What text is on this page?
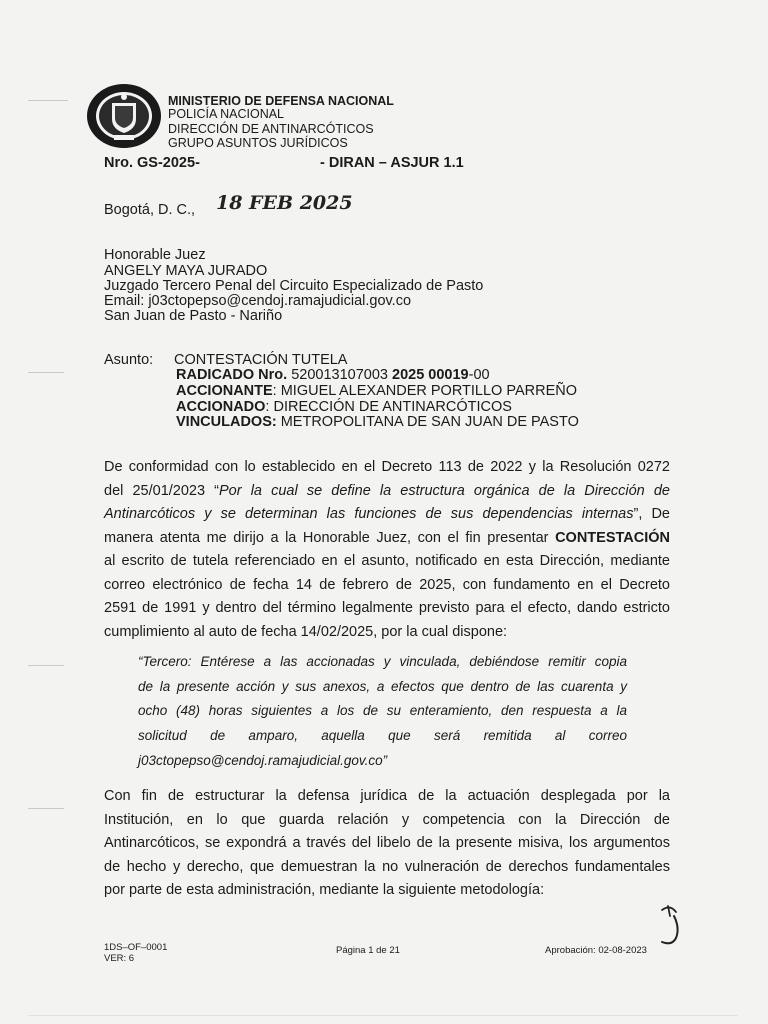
MINISTERIO DE DEFENSA NACIONAL
POLICÍA NACIONAL
DIRECCIÓN DE ANTINARCÓTICOS
GRUPO ASUNTOS JURÍDICOS
Nro. GS-2025-	- DIRAN – ASJUR 1.1
Bogotá, D. C., 18 FEB 2025
Honorable Juez
ANGELY MAYA JURADO
Juzgado Tercero Penal del Circuito Especializado de Pasto
Email: j03ctopepso@cendoj.ramajudicial.gov.co
San Juan de Pasto - Nariño
Asunto: CONTESTACIÓN TUTELA
RADICADO Nro. 520013107003 2025 00019-00
ACCIONANTE: MIGUEL ALEXANDER PORTILLO PARREÑO
ACCIONADO: DIRECCIÓN DE ANTINARCÓTICOS
VINCULADOS: METROPOLITANA DE SAN JUAN DE PASTO
De conformidad con lo establecido en el Decreto 113 de 2022 y la Resolución 0272
del 25/01/2023 “Por la cual se define la estructura orgánica de la Dirección de
Antinarcóticos y se determinan las funciones de sus dependencias internas”, De
manera atenta me dirijo a la Honorable Juez, con el fin presentar CONTESTACIÓN
al escrito de tutela referenciado en el asunto, notificado en esta Dirección, mediante
correo electrónico de fecha 14 de febrero de 2025, con fundamento en el Decreto
2591 de 1991 y dentro del término legalmente previsto para el efecto, dando estricto
cumplimiento al auto de fecha 14/02/2025, por la cual dispone:
“Tercero: Entérese a las accionadas y vinculada, debiéndose remitir copia
de la presente acción y sus anexos, a efectos que dentro de las cuarenta y
ocho (48) horas siguientes a los de su enteramiento, den respuesta a la
solicitud de amparo, aquella que será remitida al correo
j03ctopepso@cendoj.ramajudicial.gov.co”
Con fin de estructurar la defensa jurídica de la actuación desplegada por la
Institución, en lo que guarda relación y competencia con la Dirección de
Antinarcóticos, se expondrá a través del libelo de la presente misiva, los argumentos
de hecho y derecho, que demuestran la no vulneración de derechos fundamentales
por parte de esta administración, mediante la siguiente metodología:
1DS–OF–0001
VER: 6
Página 1 de 21	Aprobación: 02-08-2023
